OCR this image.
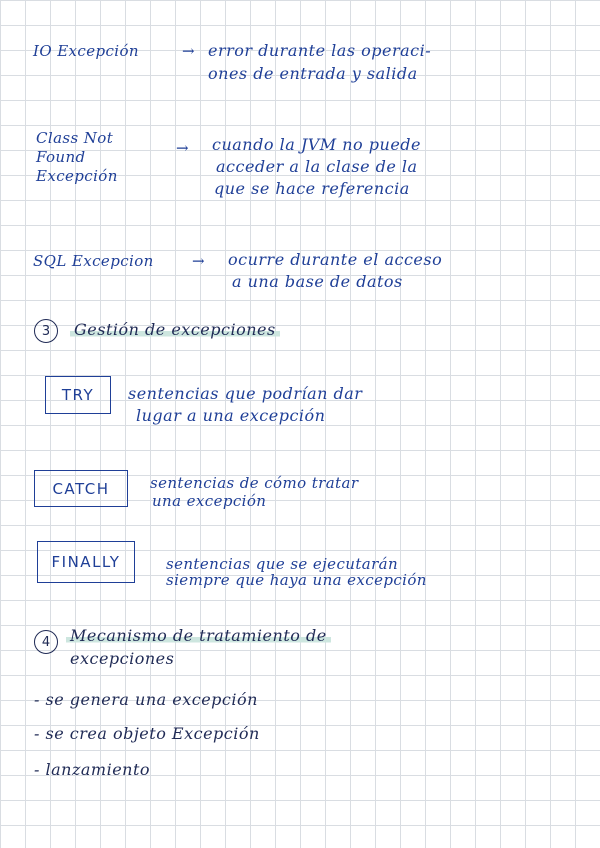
IO Excepción	→ error durante las operaci-
ones de entrada y salida
Class Not
Found
Excepción
→ cuando la JVM no puede
acceder a la clase de la
que se hace referencia
SQL Excepcion	→ ocurre durante el acceso
a una base de datos
3	Gestión de excepciones
TRY	sentencias que podrían dar
lugar a una excepción
CATCH	sentencias de cómo tratar
una excepción
FINALLY	sentencias que se ejecutarán
siempre que haya una excepción
4	Mecanismo de tratamiento de
excepciones
- se genera una excepción
- se crea objeto Excepción
- lanzamiento
